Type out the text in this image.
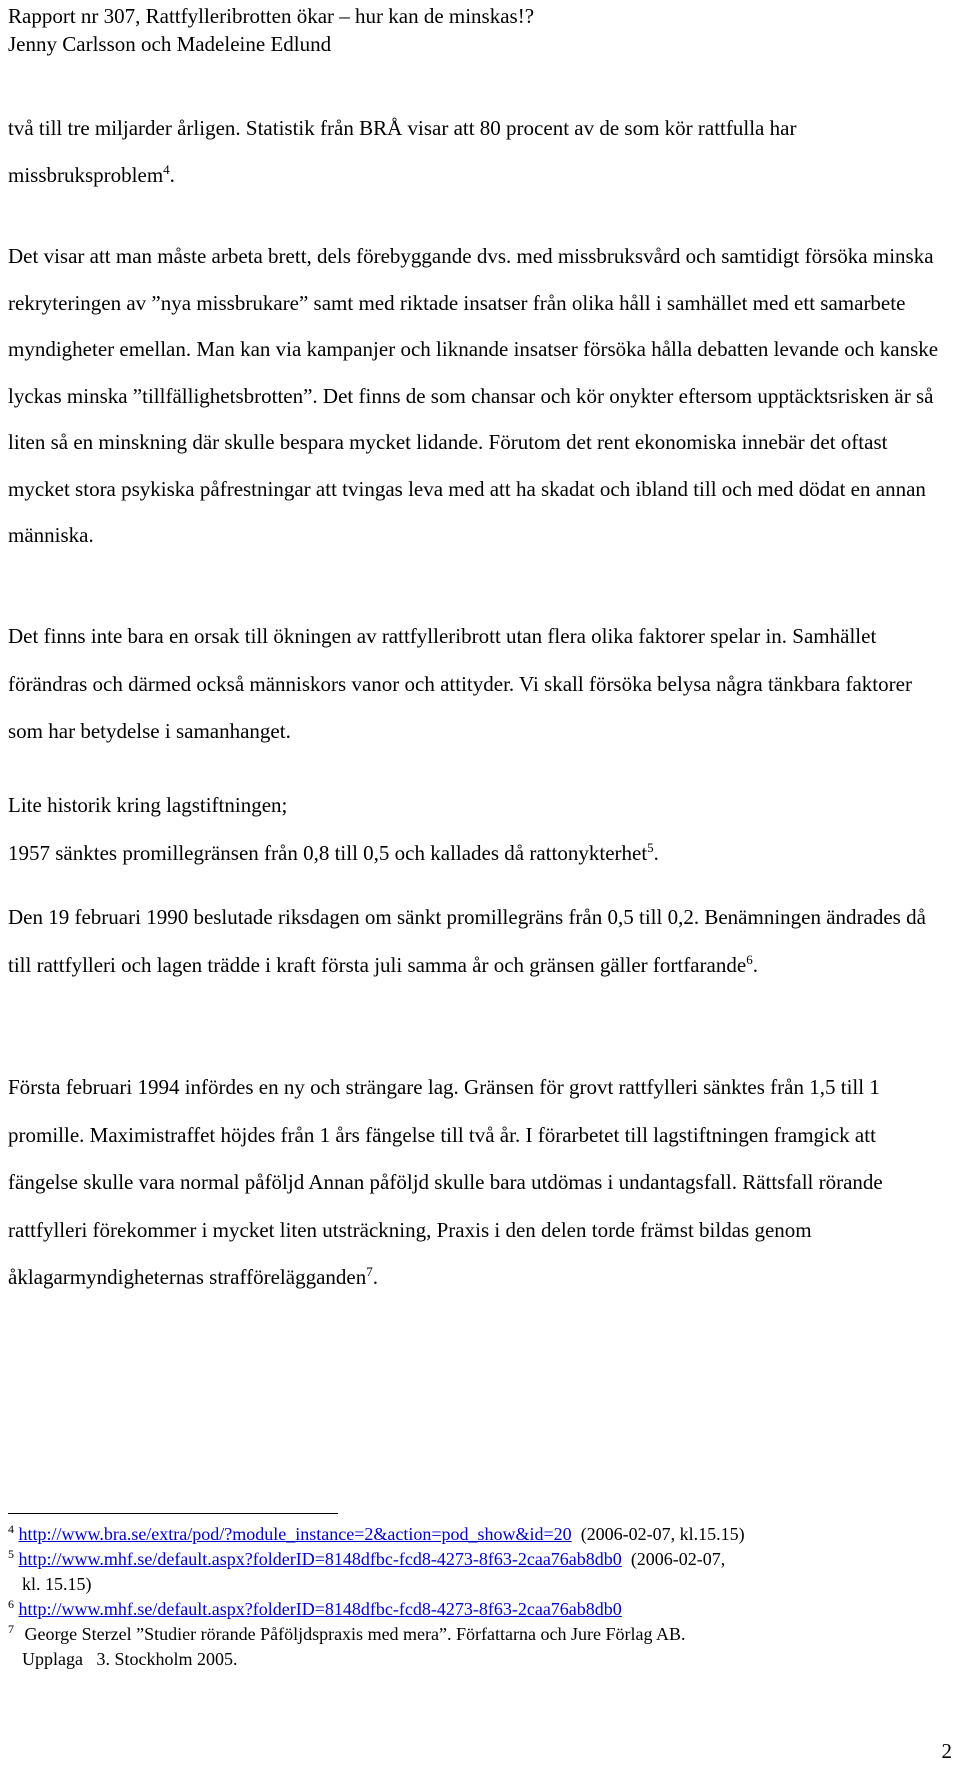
Rapport nr 307, Rattfylleribrotten ökar – hur kan de minskas!?
Jenny Carlsson och Madeleine Edlund

två till tre miljarder årligen. Statistik från BRÅ visar att 80 procent av de som kör rattfulla har missbruksproblem$^4$.

Det visar att man måste arbeta brett, dels förebyggande dvs. med missbruksvård och samtidigt försöka minska rekryteringen av ”nya missbrukare” samt med riktade insatser från olika håll i samhället med ett samarbete myndigheter emellan. Man kan via kampanjer och liknande insatser försöka hålla debatten levande och kanske lyckas minska ”tillfällighetsbrotten”. Det finns de som chansar och kör onykter eftersom upptäcktsrisken är så liten så en minskning där skulle bespara mycket lidande. Förutom det rent ekonomiska innebär det oftast mycket stora psykiska påfrestningar att tvingas leva med att ha skadat och ibland till och med dödat en annan människa.

Det finns inte bara en orsak till ökningen av rattfylleribrott utan flera olika faktorer spelar in. Samhället förändras och därmed också människors vanor och attityder. Vi skall försöka belysa några tänkbara faktorer som har betydelse i samanhanget.

Lite historik kring lagstiftningen;
1957 sänktes promillegränsen från 0,8 till 0,5 och kallades då rattonykterhet$^5$.

Den 19 februari 1990 beslutade riksdagen om sänkt promillegräns från 0,5 till 0,2. Benämningen ändrades då till rattfylleri och lagen trädde i kraft första juli samma år och gränsen gäller fortfarande$^6$.

Första februari 1994 infördes en ny och strängare lag. Gränsen för grovt rattfylleri sänktes från 1,5 till 1 promille. Maximistraffet höjdes från 1 års fängelse till två år. I förarbetet till lagstiftningen framgick att fängelse skulle vara normal påföljd Annan påföljd skulle bara utdömas i undantagsfall. Rättsfall rörande rattfylleri förekommer i mycket liten utsträckning, Praxis i den delen torde främst bildas genom åklagarmyndigheternas strafförelägganden$^7$.

$^4$ http://www.bra.se/extra/pod/?module_instance=2&action=pod_show&id=20  (2006-02-07, kl.15.15)
$^5$ http://www.mhf.se/default.aspx?folderID=8148dfbc-fcd8-4273-8f63-2caa76ab8db0  (2006-02-07,
kl. 15.15)
$^6$ http://www.mhf.se/default.aspx?folderID=8148dfbc-fcd8-4273-8f63-2caa76ab8db0
$^7$ George Sterzel ”Studier rörande Påföljdspraxis med mera”. Författarna och Jure Förlag AB.
Upplaga   3. Stockholm 2005.
2
